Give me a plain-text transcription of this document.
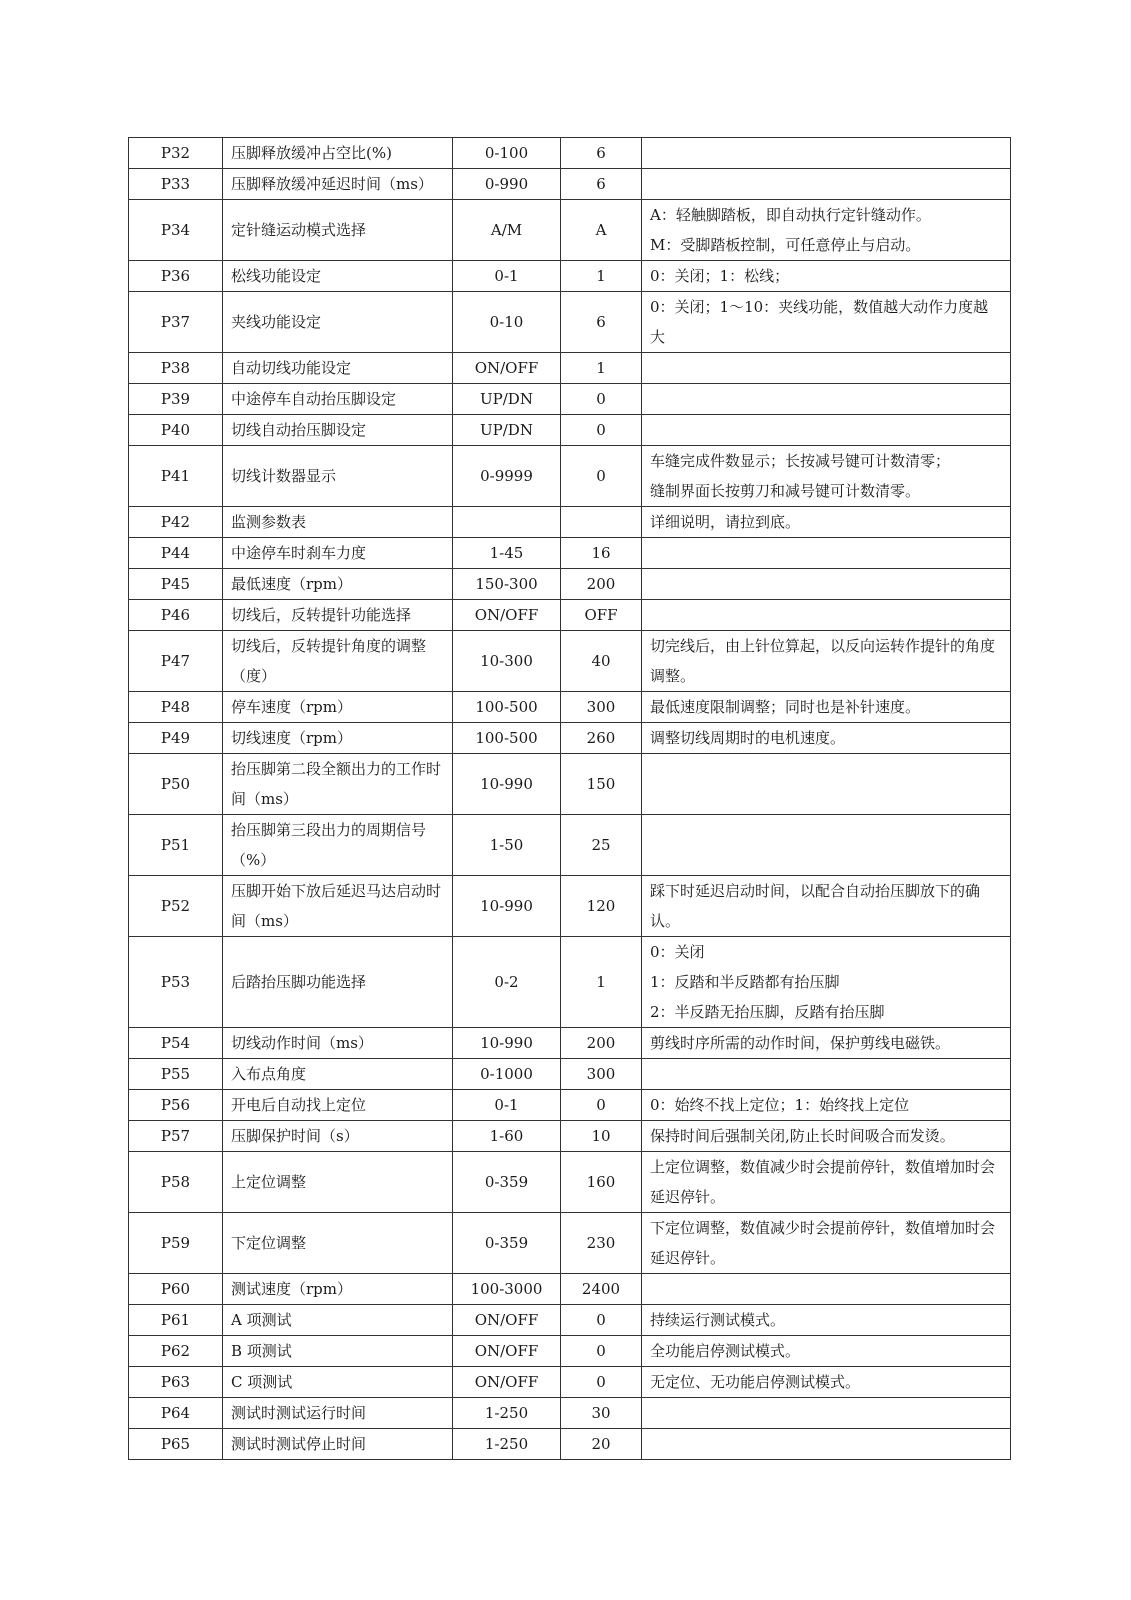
P32	压脚释放缓冲占空比(%)	0-100	6	
P33	压脚释放缓冲延迟时间（ms）	0-990	6	
P34	定针缝运动模式选择	A/M	A	A：轻触脚踏板，即自动执行定针缝动作。
M：受脚踏板控制，可任意停止与启动。
P36	松线功能设定	0-1	1	0：关闭；1：松线；
P37	夹线功能设定	0-10	6	0：关闭；1～10：夹线功能，数值越大动作力度越大
P38	自动切线功能设定	ON/OFF	1	
P39	中途停车自动抬压脚设定	UP/DN	0	
P40	切线自动抬压脚设定	UP/DN	0	
P41	切线计数器显示	0-9999	0	车缝完成件数显示；长按减号键可计数清零；
缝制界面长按剪刀和减号键可计数清零。
P42	监测参数表			详细说明，请拉到底。
P44	中途停车时刹车力度	1-45	16	
P45	最低速度（rpm）	150-300	200	
P46	切线后，反转提针功能选择	ON/OFF	OFF	
P47	切线后，反转提针角度的调整（度）	10-300	40	切完线后，由上针位算起，以反向运转作提针的角度调整。
P48	停车速度（rpm）	100-500	300	最低速度限制调整；同时也是补针速度。
P49	切线速度（rpm）	100-500	260	调整切线周期时的电机速度。
P50	抬压脚第二段全额出力的工作时间（ms）	10-990	150	
P51	抬压脚第三段出力的周期信号（%）	1-50	25	
P52	压脚开始下放后延迟马达启动时间（ms）	10-990	120	踩下时延迟启动时间，以配合自动抬压脚放下的确认。
P53	后踏抬压脚功能选择	0-2	1	0：关闭
1：反踏和半反踏都有抬压脚
2：半反踏无抬压脚，反踏有抬压脚
P54	切线动作时间（ms）	10-990	200	剪线时序所需的动作时间，保护剪线电磁铁。
P55	入布点角度	0-1000	300	
P56	开电后自动找上定位	0-1	0	0：始终不找上定位；1：始终找上定位
P57	压脚保护时间（s）	1-60	10	保持时间后强制关闭,防止长时间吸合而发烫。
P58	上定位调整	0-359	160	上定位调整，数值减少时会提前停针，数值增加时会延迟停针。
P59	下定位调整	0-359	230	下定位调整，数值减少时会提前停针，数值增加时会延迟停针。
P60	测试速度（rpm）	100-3000	2400	
P61	A 项测试	ON/OFF	0	持续运行测试模式。
P62	B 项测试	ON/OFF	0	全功能启停测试模式。
P63	C 项测试	ON/OFF	0	无定位、无功能启停测试模式。
P64	测试时测试运行时间	1-250	30	
P65	测试时测试停止时间	1-250	20	
